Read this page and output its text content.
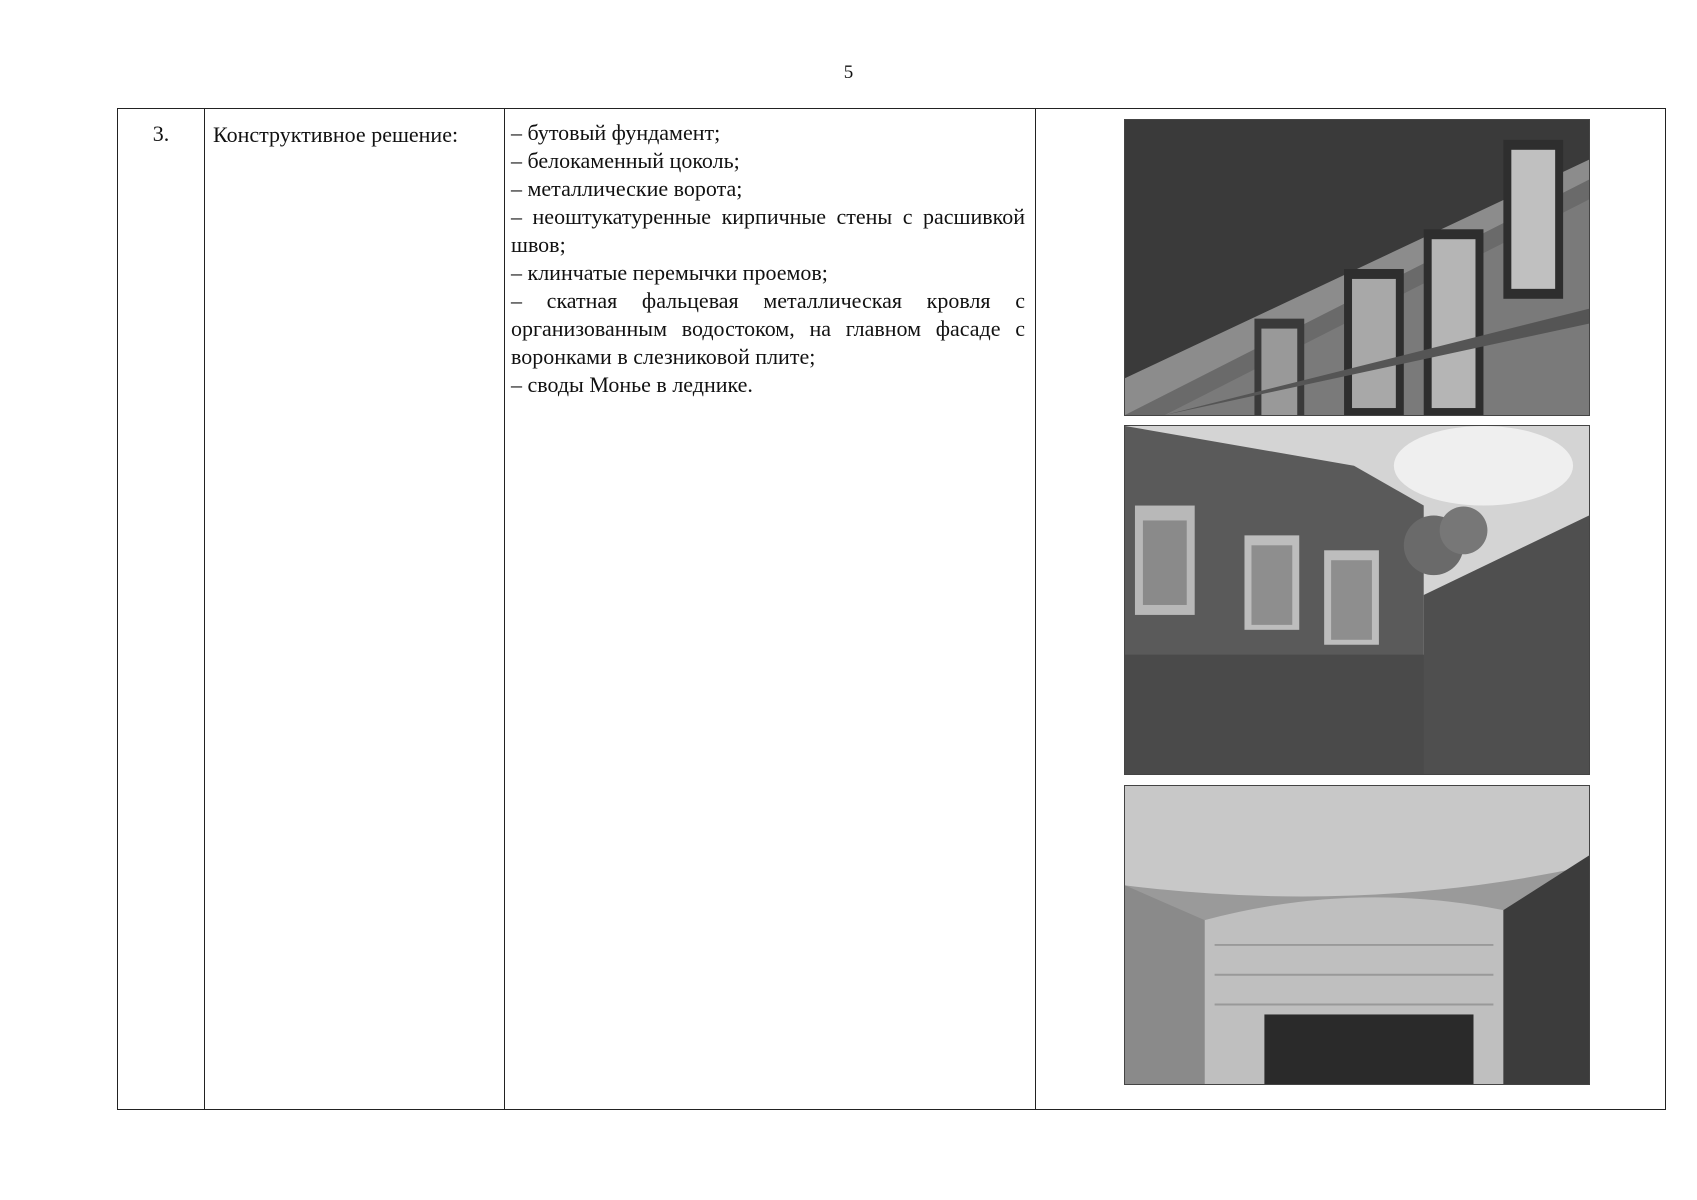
5
3.	Конструктивное решение:	– бутовый фундамент;
– белокаменный цоколь;
– металлические ворота;
– неоштукатуренные кирпичные стены с расшивкой швов;
– клинчатые перемычки проемов;
– скатная фальцевая металлическая кровля с организованным водостоком, на главном фасаде с воронками в слезниковой плите;
– своды Монье в леднике.
